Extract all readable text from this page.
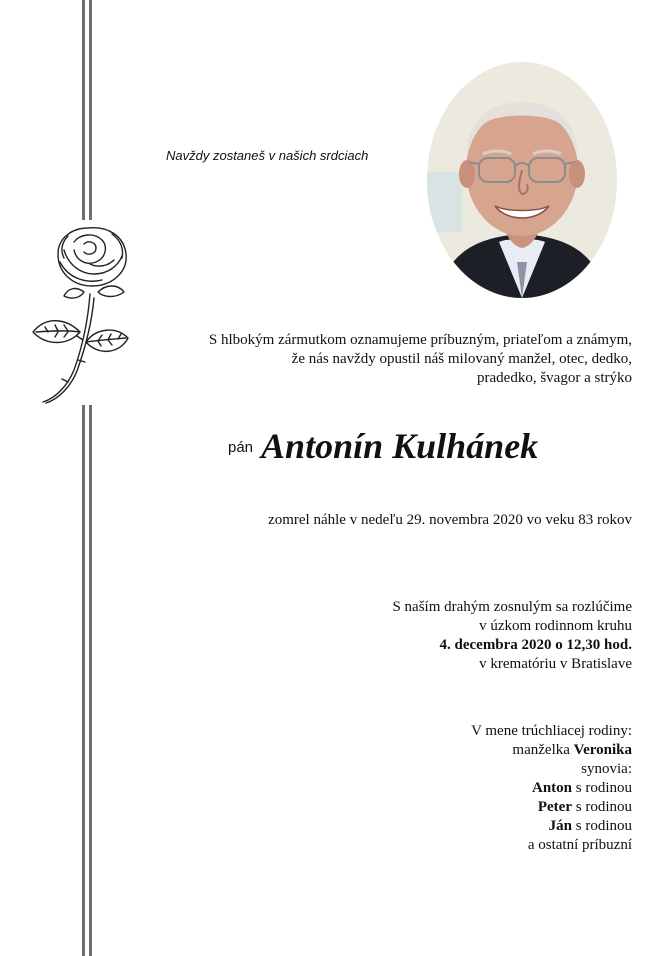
Navždy zostaneš v našich srdciach
S hlbokým zármutkom oznamujeme príbuzným, priateľom a známym,
že nás navždy opustil náš milovaný manžel, otec, dedko,
pradedko, švagor a strýko
pán Antonín Kulhánek
zomrel náhle v nedeľu 29. novembra 2020 vo veku 83 rokov
S naším drahým zosnulým sa rozlúčime
v úzkom rodinnom kruhu
4. decembra 2020 o 12,30 hod.
v krematóriu v Bratislave
V mene trúchliacej rodiny:
manželka Veronika
synovia:
Anton s rodinou
Peter s rodinou
Ján s rodinou
a ostatní príbuzní
